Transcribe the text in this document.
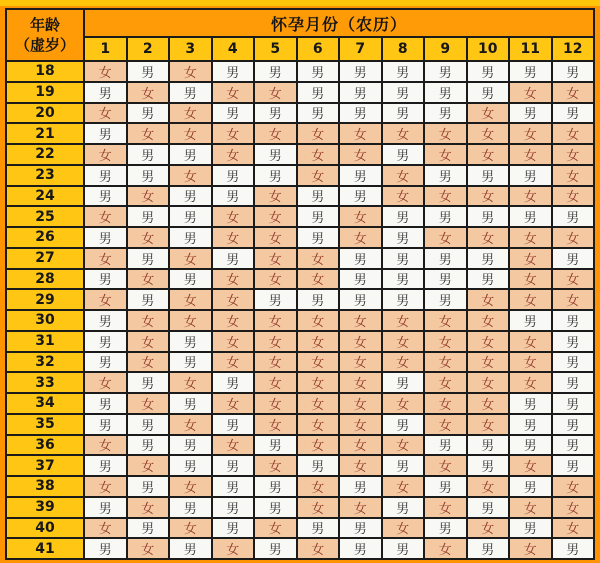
年龄
（虚岁）
怀孕月份（农历）
1	2	3	4	5	6	7	8	9	10	11	12
18	女	男	女	男	男	男	男	男	男	男	男	男
19	男	女	男	女	女	男	男	男	男	男	女	女
20	女	男	女	男	男	男	男	男	男	女	男	男
21	男	女	女	女	女	女	女	女	女	女	女	女
22	女	男	男	女	男	女	女	男	女	女	女	女
23	男	男	女	男	男	女	男	女	男	男	男	女
24	男	女	男	男	女	男	男	女	女	女	女	女
25	女	男	男	女	女	男	女	男	男	男	男	男
26	男	女	男	女	女	男	女	男	女	女	女	女
27	女	男	女	男	女	女	男	男	男	男	女	男
28	男	女	男	女	女	女	男	男	男	男	女	女
29	女	男	女	女	男	男	男	男	男	女	女	女
30	男	女	女	女	女	女	女	女	女	女	男	男
31	男	女	男	女	女	女	女	女	女	女	女	男
32	男	女	男	女	女	女	女	女	女	女	女	男
33	女	男	女	男	女	女	女	男	女	女	女	男
34	男	女	男	女	女	女	女	女	女	女	男	男
35	男	男	女	男	女	女	女	男	女	女	男	男
36	女	男	男	女	男	女	女	女	男	男	男	男
37	男	女	男	男	女	男	女	男	女	男	女	男
38	女	男	女	男	男	女	男	女	男	女	男	女
39	男	女	男	男	男	女	女	男	女	男	女	女
40	女	男	女	男	女	男	男	女	男	女	男	女
41	男	女	男	女	男	女	男	男	女	男	女	男
